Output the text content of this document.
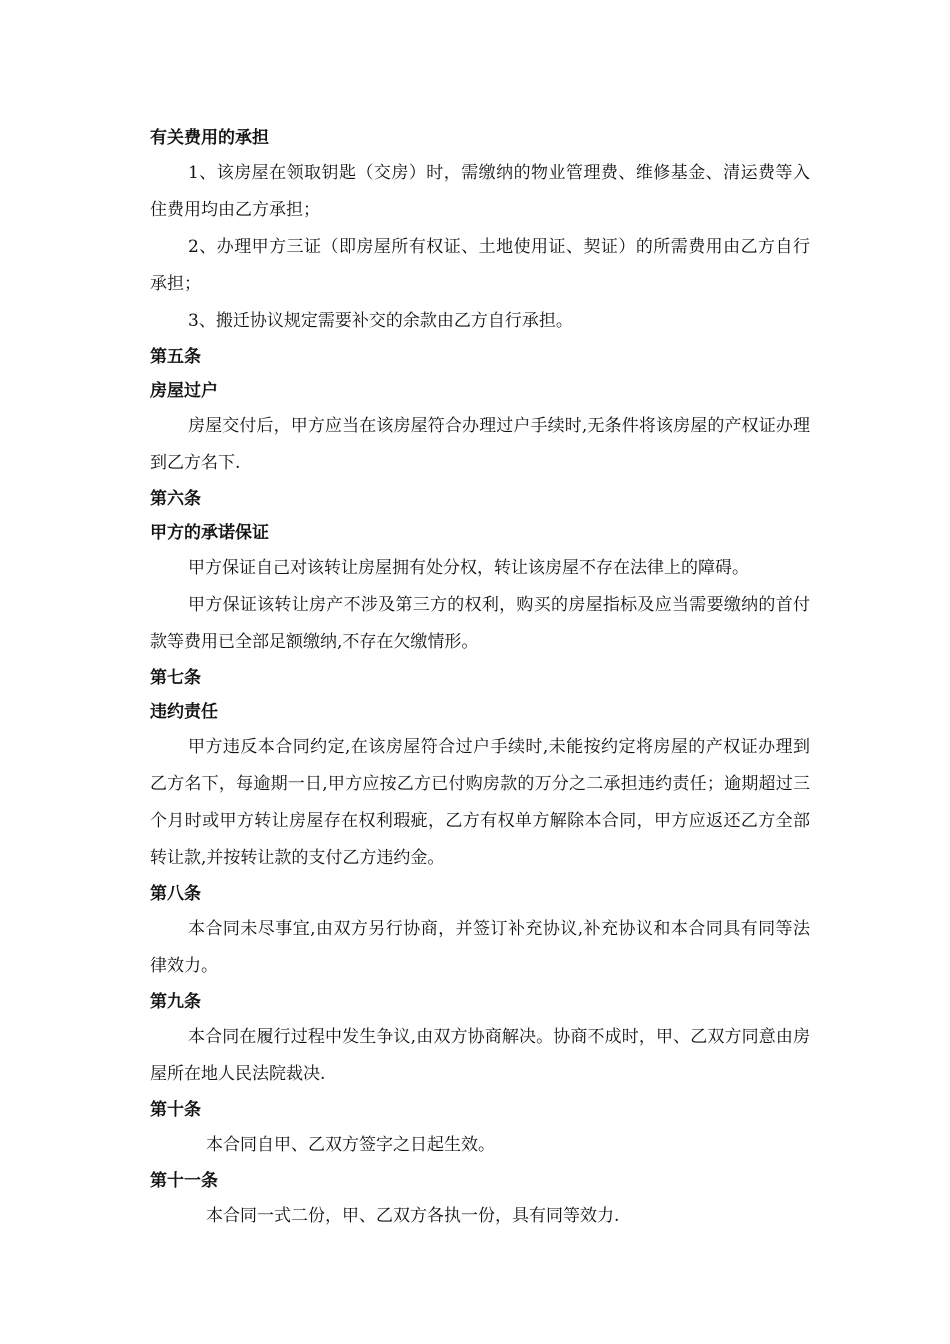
有关费用的承担

1、该房屋在领取钥匙（交房）时，需缴纳的物业管理费、维修基金、清运费等入住费用均由乙方承担；

2、办理甲方三证（即房屋所有权证、土地使用证、契证）的所需费用由乙方自行承担；

3、搬迁协议规定需要补交的余款由乙方自行承担。

第五条
房屋过户

房屋交付后，甲方应当在该房屋符合办理过户手续时,无条件将该房屋的产权证办理到乙方名下.

第六条
甲方的承诺保证

甲方保证自己对该转让房屋拥有处分权，转让该房屋不存在法律上的障碍。

甲方保证该转让房产不涉及第三方的权利，购买的房屋指标及应当需要缴纳的首付款等费用已全部足额缴纳,不存在欠缴情形。

第七条
违约责任

甲方违反本合同约定,在该房屋符合过户手续时,未能按约定将房屋的产权证办理到乙方名下，每逾期一日,甲方应按乙方已付购房款的万分之二承担违约责任；逾期超过三个月时或甲方转让房屋存在权利瑕疵，乙方有权单方解除本合同，甲方应返还乙方全部转让款,并按转让款的支付乙方违约金。

第八条

本合同未尽事宜,由双方另行协商，并签订补充协议,补充协议和本合同具有同等法律效力。

第九条

本合同在履行过程中发生争议,由双方协商解决。协商不成时，甲、乙双方同意由房屋所在地人民法院裁决.

第十条

本合同自甲、乙双方签字之日起生效。

第十一条

本合同一式二份，甲、乙双方各执一份，具有同等效力.
